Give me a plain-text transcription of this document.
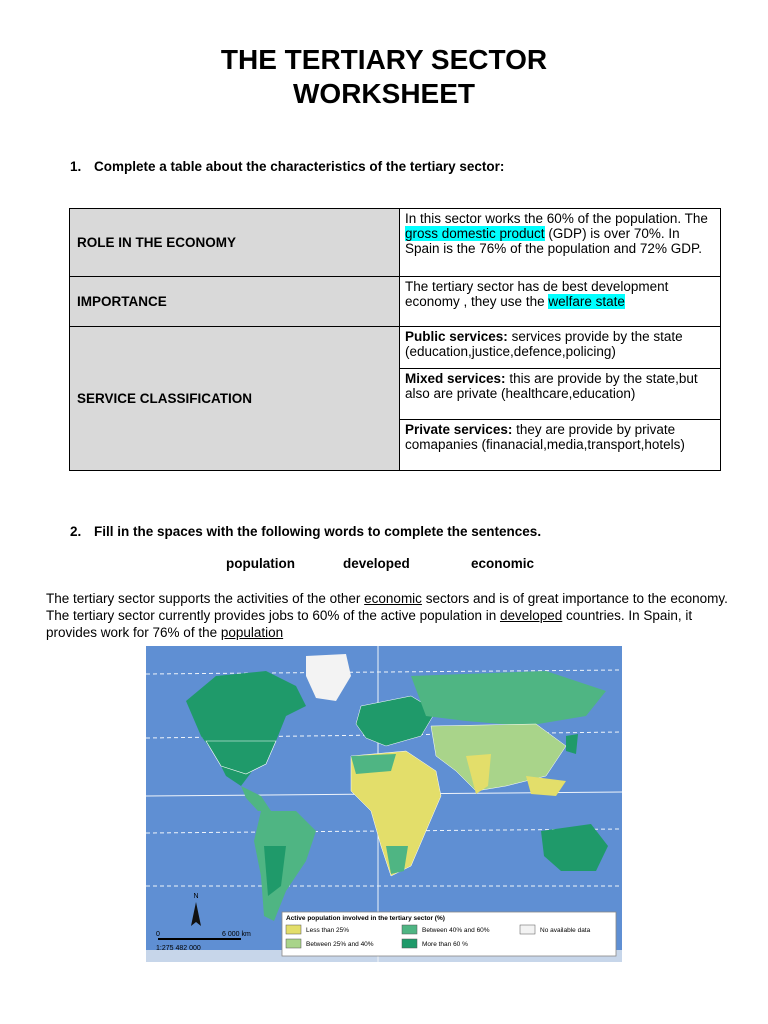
THE TERTIARY SECTOR
WORKSHEET
1. Complete a table about the characteristics of the tertiary sector:
ROLE IN THE ECONOMY	In this sector works the 60% of the population. The gross domestic product (GDP) is over 70%. In Spain is the 76% of the population and 72% GDP.
IMPORTANCE	The tertiary sector has de best development economy , they use the welfare state
SERVICE CLASSIFICATION	Public services: services provide by the state (education,justice,defence,policing)
	Mixed services: this are provide by the state,but also are private (healthcare,education)
	Private services: they are provide by private comapanies (finanacial,media,transport,hotels)
2. Fill in the spaces with the following words to complete the sentences.
population	developed	economic

The tertiary sector supports the activities of the other economic sectors and is of great importance to the economy. The tertiary sector currently provides jobs to 60% of the active population in developed countries. In Spain, it provides work for 76% of the population

N
0	6 000 km
1:275 482 000
Active population involved in the tertiary sector (%)
Less than 25%
Between 25% and 40%
Between 40% and 60%
More than 60 %
No available data
